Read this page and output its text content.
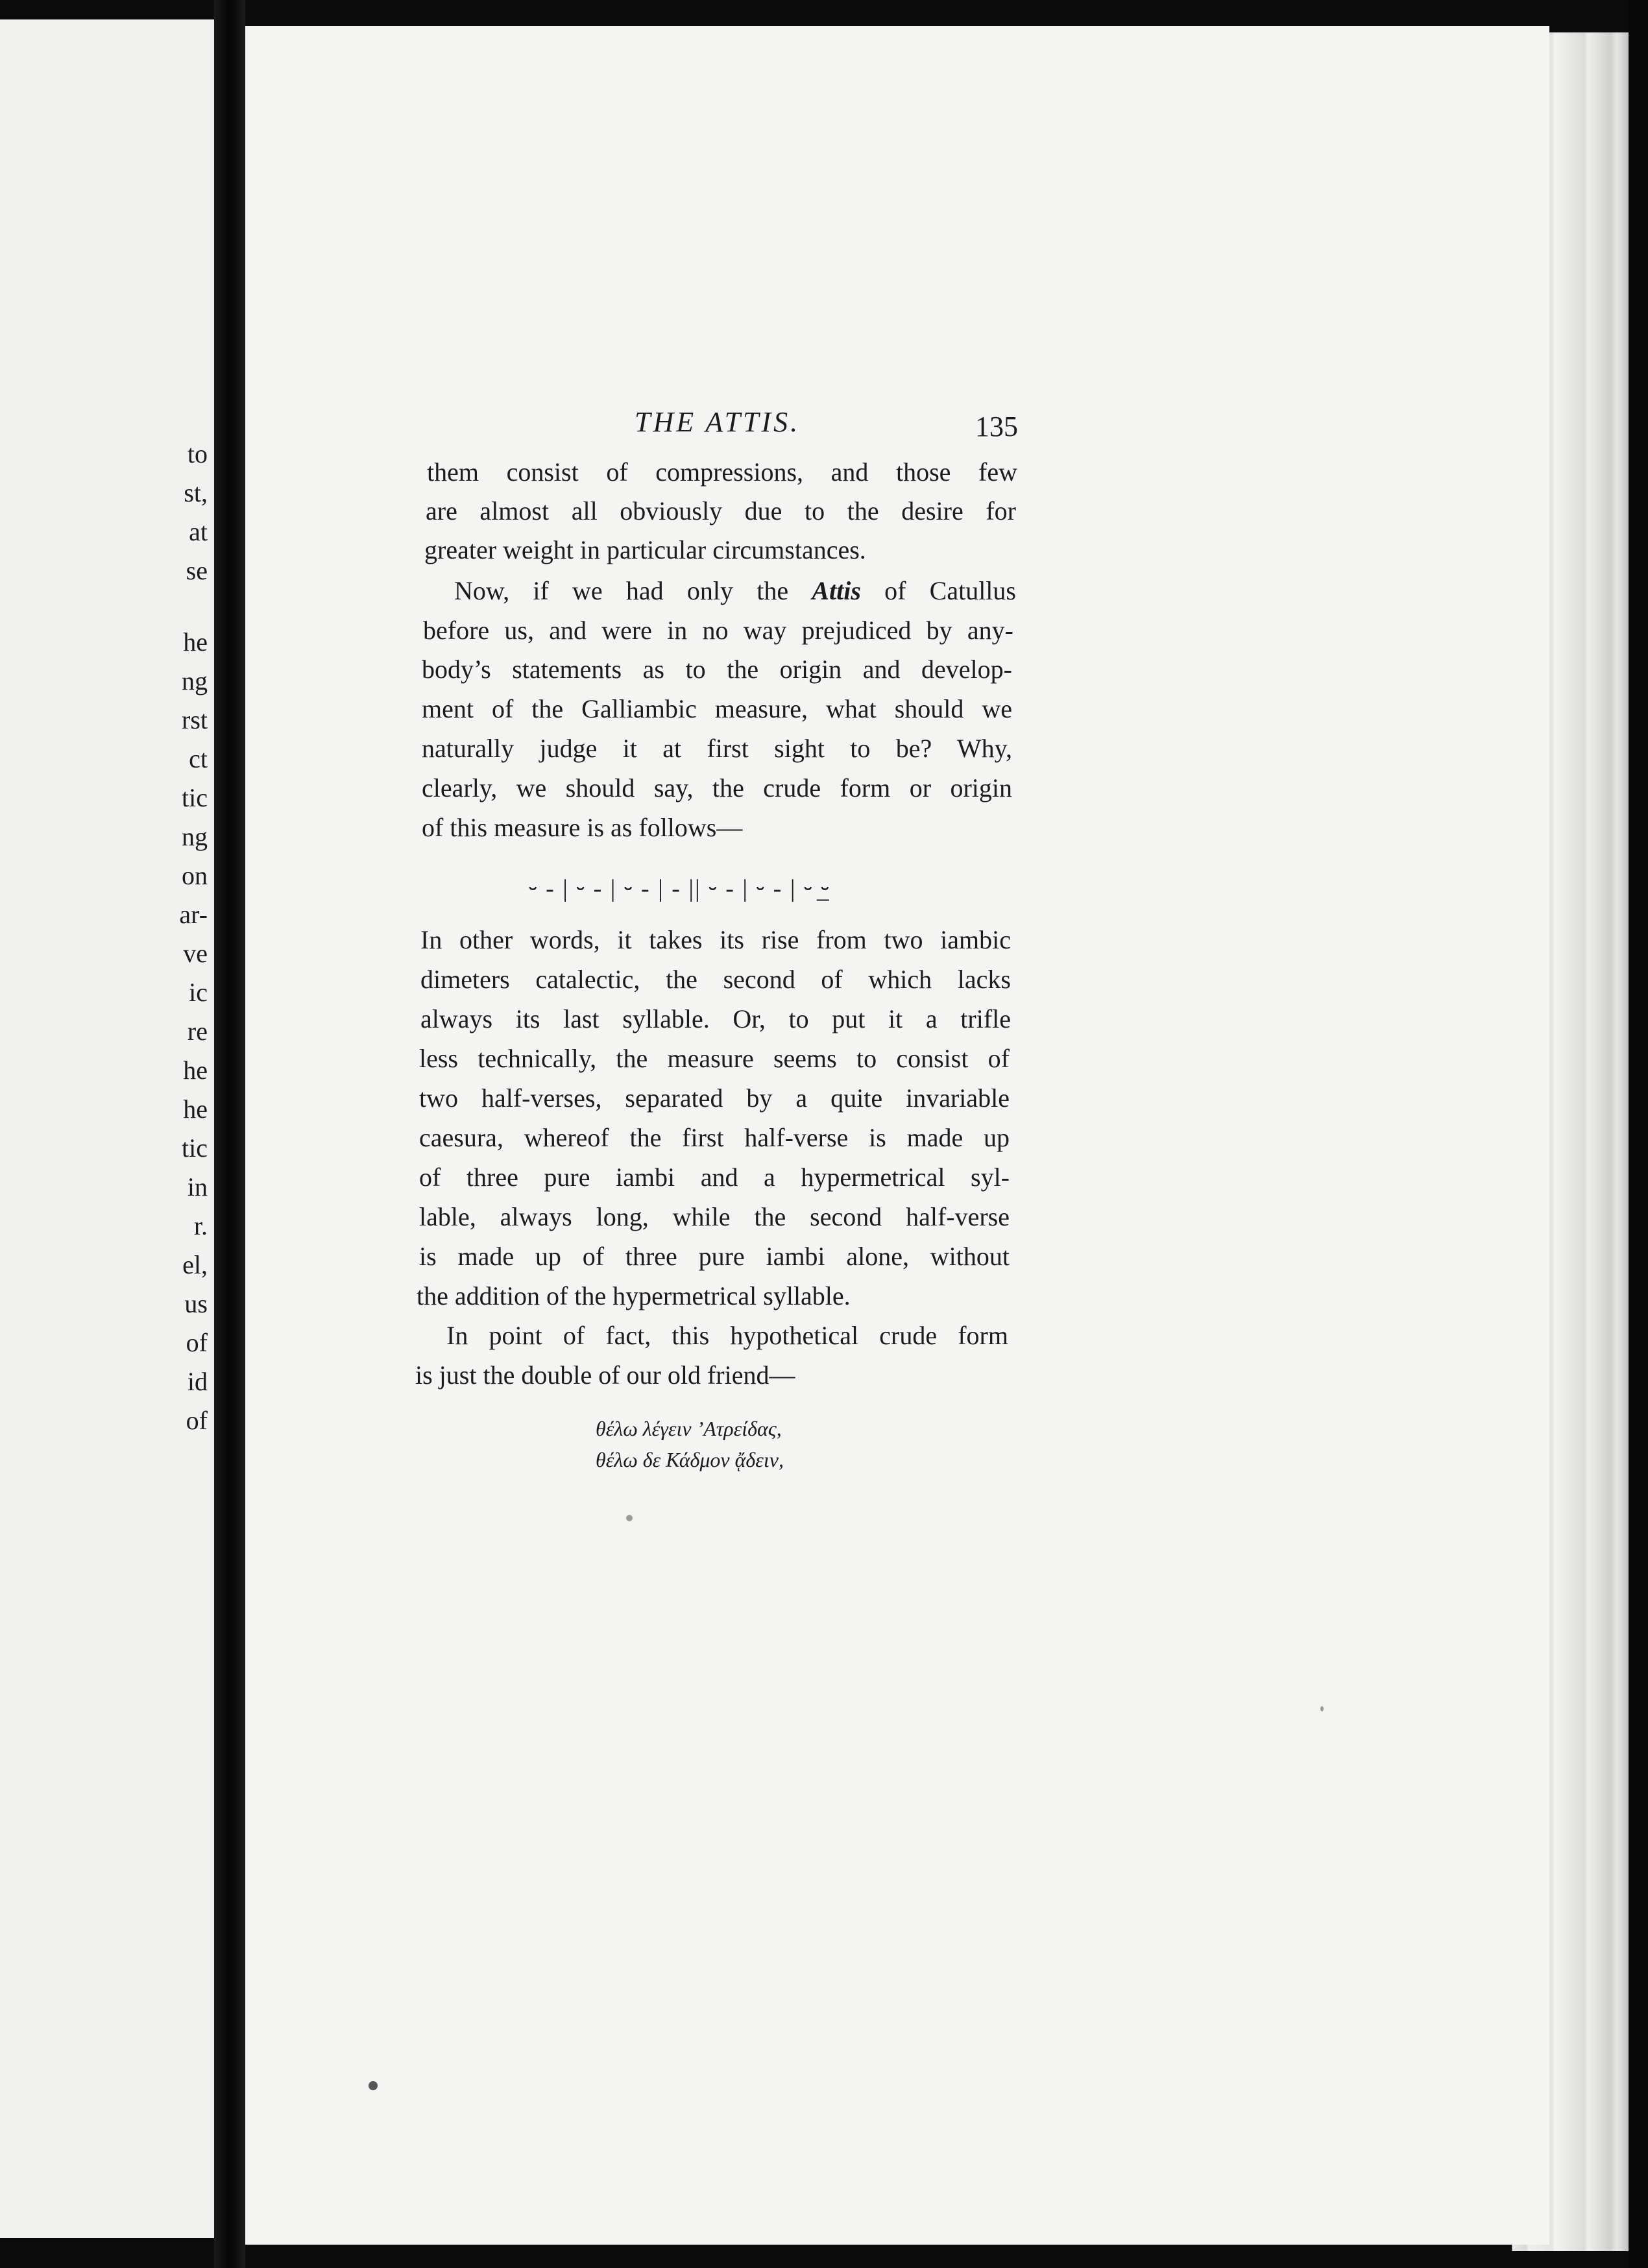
to
st,
at
se
he
ng
rst
ct
tic
ng
on
ar-
ve
ic
re
he
he
tic
in
r.
el,
us
of
id
of
THE ATTIS.	135
them consist of compressions, and those few
are almost all obviously due to the desire for
greater weight in particular circumstances.
Now, if we had only the Attis of Catullus
before us, and were in no way prejudiced by any-
body’s statements as to the origin and develop-
ment of the Galliambic measure, what should we
naturally judge it at first sight to be? Why,
clearly, we should say, the crude form or origin
of this measure is as follows—
⏑ - | ⏑ - | ⏑ - | - || ⏑ - | ⏑ - | ⏑ ⏑̲
In other words, it takes its rise from two iambic
dimeters catalectic, the second of which lacks
always its last syllable. Or, to put it a trifle
less technically, the measure seems to consist of
two half-verses, separated by a quite invariable
caesura, whereof the first half-verse is made up
of three pure iambi and a hypermetrical syl-
lable, always long, while the second half-verse
is made up of three pure iambi alone, without
the addition of the hypermetrical syllable.
In point of fact, this hypothetical crude form
is just the double of our old friend—
θέλω λέγειν ’Ατρείδας,
θέλω δε Κάδμον ᾄδειν,
